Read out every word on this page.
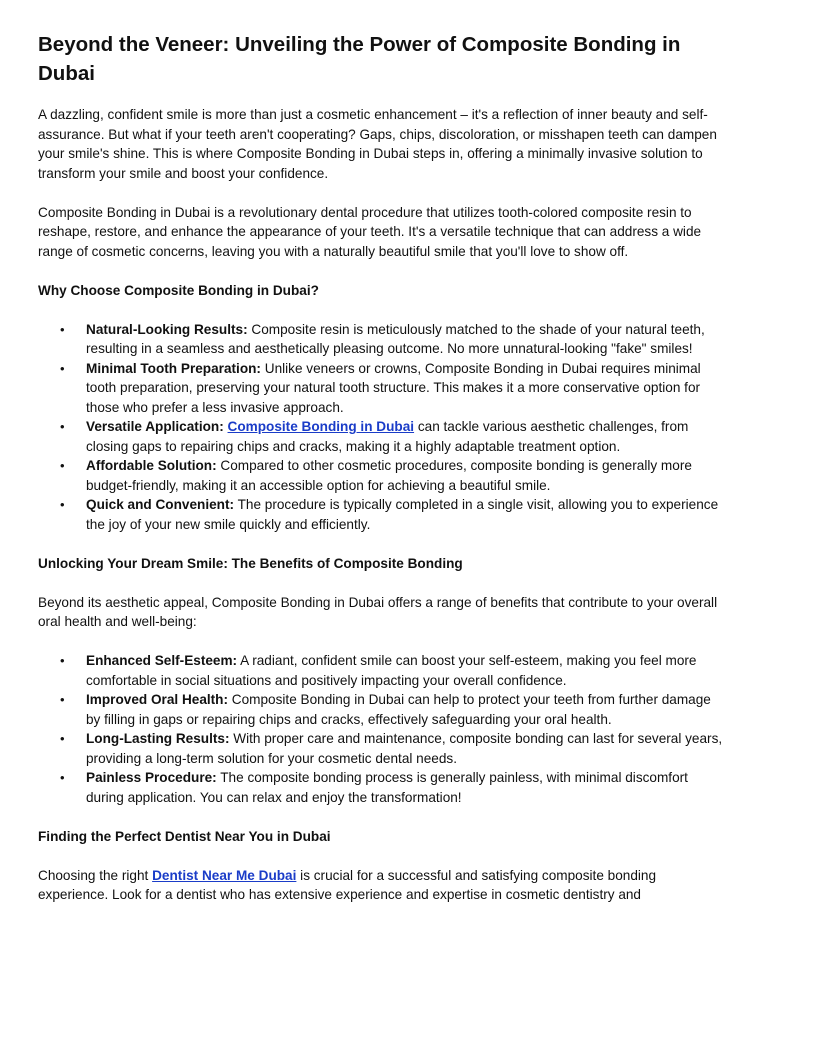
Beyond the Veneer: Unveiling the Power of Composite Bonding in Dubai

A dazzling, confident smile is more than just a cosmetic enhancement – it's a reflection of inner beauty and self-assurance. But what if your teeth aren't cooperating? Gaps, chips, discoloration, or misshapen teeth can dampen your smile's shine. This is where Composite Bonding in Dubai steps in, offering a minimally invasive solution to transform your smile and boost your confidence.

Composite Bonding in Dubai is a revolutionary dental procedure that utilizes tooth-colored composite resin to reshape, restore, and enhance the appearance of your teeth. It's a versatile technique that can address a wide range of cosmetic concerns, leaving you with a naturally beautiful smile that you'll love to show off.

Why Choose Composite Bonding in Dubai?
• Natural-Looking Results: Composite resin is meticulously matched to the shade of your natural teeth, resulting in a seamless and aesthetically pleasing outcome. No more unnatural-looking "fake" smiles!
• Minimal Tooth Preparation: Unlike veneers or crowns, Composite Bonding in Dubai requires minimal tooth preparation, preserving your natural tooth structure. This makes it a more conservative option for those who prefer a less invasive approach.
• Versatile Application: Composite Bonding in Dubai can tackle various aesthetic challenges, from closing gaps to repairing chips and cracks, making it a highly adaptable treatment option.
• Affordable Solution: Compared to other cosmetic procedures, composite bonding is generally more budget-friendly, making it an accessible option for achieving a beautiful smile.
• Quick and Convenient: The procedure is typically completed in a single visit, allowing you to experience the joy of your new smile quickly and efficiently.
Unlocking Your Dream Smile: The Benefits of Composite Bonding

Beyond its aesthetic appeal, Composite Bonding in Dubai offers a range of benefits that contribute to your overall oral health and well-being:

• Enhanced Self-Esteem: A radiant, confident smile can boost your self-esteem, making you feel more comfortable in social situations and positively impacting your overall confidence.
• Improved Oral Health: Composite Bonding in Dubai can help to protect your teeth from further damage by filling in gaps or repairing chips and cracks, effectively safeguarding your oral health.
• Long-Lasting Results: With proper care and maintenance, composite bonding can last for several years, providing a long-term solution for your cosmetic dental needs.
• Painless Procedure: The composite bonding process is generally painless, with minimal discomfort during application. You can relax and enjoy the transformation!
Finding the Perfect Dentist Near You in Dubai

Choosing the right Dentist Near Me Dubai is crucial for a successful and satisfying composite bonding experience. Look for a dentist who has extensive experience and expertise in cosmetic dentistry and
